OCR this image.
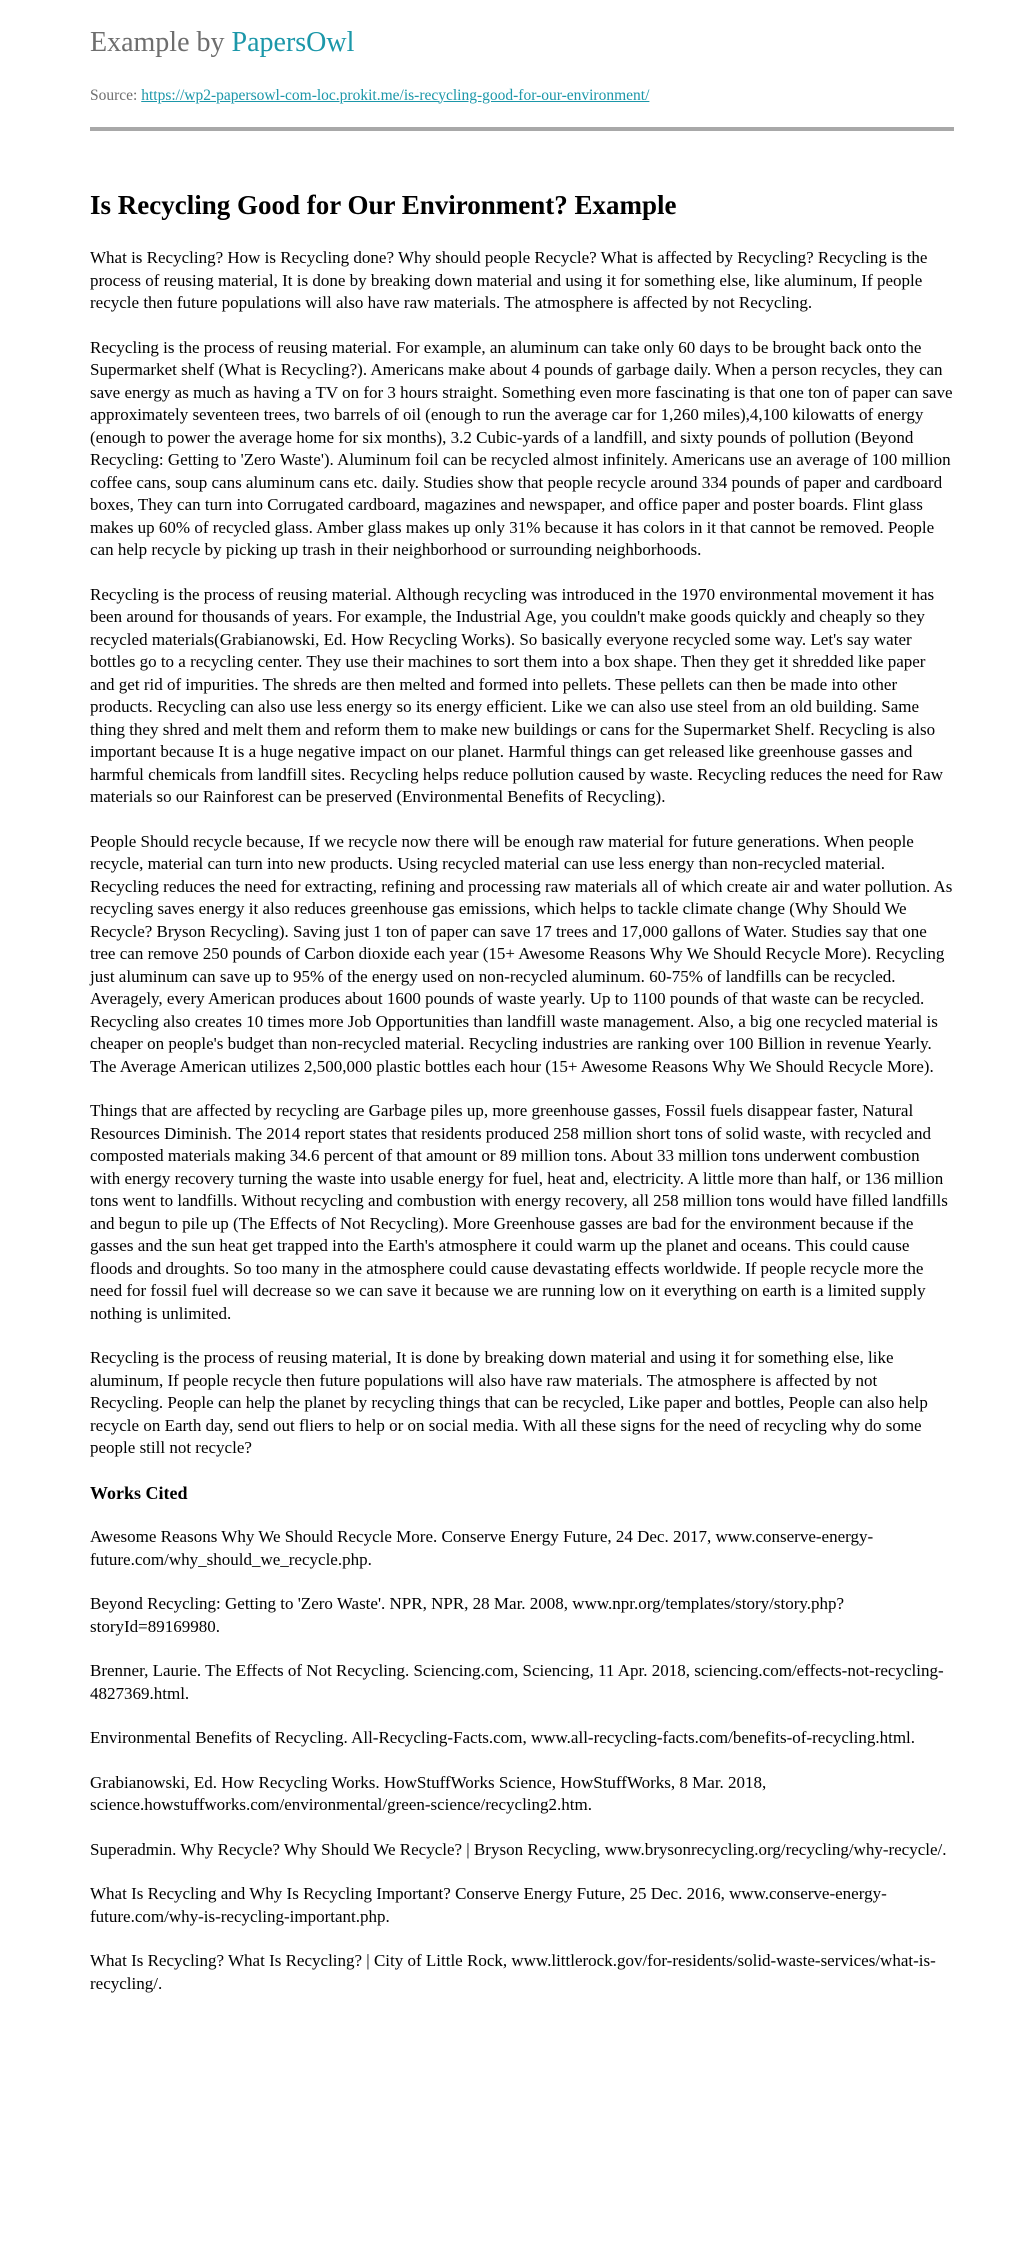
Example by PapersOwl
Source: https://wp2-papersowl-com-loc.prokit.me/is-recycling-good-for-our-environment/
Is Recycling Good for Our Environment? Example

What is Recycling? How is Recycling done? Why should people Recycle? What is affected by Recycling? Recycling is the process of reusing material, It is done by breaking down material and using it for something else, like aluminum, If people recycle then future populations will also have raw materials. The atmosphere is affected by not Recycling.

Recycling is the process of reusing material. For example, an aluminum can take only 60 days to be brought back onto the Supermarket shelf (What is Recycling?). Americans make about 4 pounds of garbage daily. When a person recycles, they can save energy as much as having a TV on for 3 hours straight. Something even more fascinating is that one ton of paper can save approximately seventeen trees, two barrels of oil (enough to run the average car for 1,260 miles),4,100 kilowatts of energy (enough to power the average home for six months), 3.2 Cubic-yards of a landfill, and sixty pounds of pollution (Beyond Recycling: Getting to 'Zero Waste'). Aluminum foil can be recycled almost infinitely. Americans use an average of 100 million coffee cans, soup cans aluminum cans etc. daily. Studies show that people recycle around 334 pounds of paper and cardboard boxes, They can turn into Corrugated cardboard, magazines and newspaper, and office paper and poster boards. Flint glass makes up 60% of recycled glass. Amber glass makes up only 31% because it has colors in it that cannot be removed. People can help recycle by picking up trash in their neighborhood or surrounding neighborhoods.

Recycling is the process of reusing material. Although recycling was introduced in the 1970 environmental movement it has been around for thousands of years. For example, the Industrial Age, you couldn't make goods quickly and cheaply so they recycled materials(Grabianowski, Ed. How Recycling Works). So basically everyone recycled some way. Let's say water bottles go to a recycling center. They use their machines to sort them into a box shape. Then they get it shredded like paper and get rid of impurities. The shreds are then melted and formed into pellets. These pellets can then be made into other products. Recycling can also use less energy so its energy efficient. Like we can also use steel from an old building. Same thing they shred and melt them and reform them to make new buildings or cans for the Supermarket Shelf. Recycling is also important because It is a huge negative impact on our planet. Harmful things can get released like greenhouse gasses and harmful chemicals from landfill sites. Recycling helps reduce pollution caused by waste. Recycling reduces the need for Raw materials so our Rainforest can be preserved (Environmental Benefits of Recycling).

People Should recycle because, If we recycle now there will be enough raw material for future generations. When people recycle, material can turn into new products. Using recycled material can use less energy than non-recycled material. Recycling reduces the need for extracting, refining and processing raw materials all of which create air and water pollution. As recycling saves energy it also reduces greenhouse gas emissions, which helps to tackle climate change (Why Should We Recycle? Bryson Recycling). Saving just 1 ton of paper can save 17 trees and 17,000 gallons of Water. Studies say that one tree can remove 250 pounds of Carbon dioxide each year (15+ Awesome Reasons Why We Should Recycle More). Recycling just aluminum can save up to 95% of the energy used on non-recycled aluminum. 60-75% of landfills can be recycled. Averagely, every American produces about 1600 pounds of waste yearly. Up to 1100 pounds of that waste can be recycled. Recycling also creates 10 times more Job Opportunities than landfill waste management. Also, a big one recycled material is cheaper on people's budget than non-recycled material. Recycling industries are ranking over 100 Billion in revenue Yearly. The Average American utilizes 2,500,000 plastic bottles each hour (15+ Awesome Reasons Why We Should Recycle More).

Things that are affected by recycling are Garbage piles up, more greenhouse gasses, Fossil fuels disappear faster, Natural Resources Diminish. The 2014 report states that residents produced 258 million short tons of solid waste, with recycled and composted materials making 34.6 percent of that amount or 89 million tons. About 33 million tons underwent combustion with energy recovery turning the waste into usable energy for fuel, heat and, electricity. A little more than half, or 136 million tons went to landfills. Without recycling and combustion with energy recovery, all 258 million tons would have filled landfills and begun to pile up (The Effects of Not Recycling). More Greenhouse gasses are bad for the environment because if the gasses and the sun heat get trapped into the Earth's atmosphere it could warm up the planet and oceans. This could cause floods and droughts. So too many in the atmosphere could cause devastating effects worldwide. If people recycle more the need for fossil fuel will decrease so we can save it because we are running low on it everything on earth is a limited supply nothing is unlimited.

Recycling is the process of reusing material, It is done by breaking down material and using it for something else, like aluminum, If people recycle then future populations will also have raw materials. The atmosphere is affected by not Recycling. People can help the planet by recycling things that can be recycled, Like paper and bottles, People can also help recycle on Earth day, send out fliers to help or on social media. With all these signs for the need of recycling why do some people still not recycle?

Works Cited

Awesome Reasons Why We Should Recycle More. Conserve Energy Future, 24 Dec. 2017, www.conserve-energy-future.com/why_should_we_recycle.php.

Beyond Recycling: Getting to 'Zero Waste'. NPR, NPR, 28 Mar. 2008, www.npr.org/templates/story/story.php?storyId=89169980.

Brenner, Laurie. The Effects of Not Recycling. Sciencing.com, Sciencing, 11 Apr. 2018, sciencing.com/effects-not-recycling-4827369.html.

Environmental Benefits of Recycling. All-Recycling-Facts.com, www.all-recycling-facts.com/benefits-of-recycling.html.

Grabianowski, Ed. How Recycling Works. HowStuffWorks Science, HowStuffWorks, 8 Mar. 2018, science.howstuffworks.com/environmental/green-science/recycling2.htm.

Superadmin. Why Recycle? Why Should We Recycle? | Bryson Recycling, www.brysonrecycling.org/recycling/why-recycle/.

What Is Recycling and Why Is Recycling Important? Conserve Energy Future, 25 Dec. 2016, www.conserve-energy-future.com/why-is-recycling-important.php.

What Is Recycling? What Is Recycling? | City of Little Rock, www.littlerock.gov/for-residents/solid-waste-services/what-is-recycling/.
